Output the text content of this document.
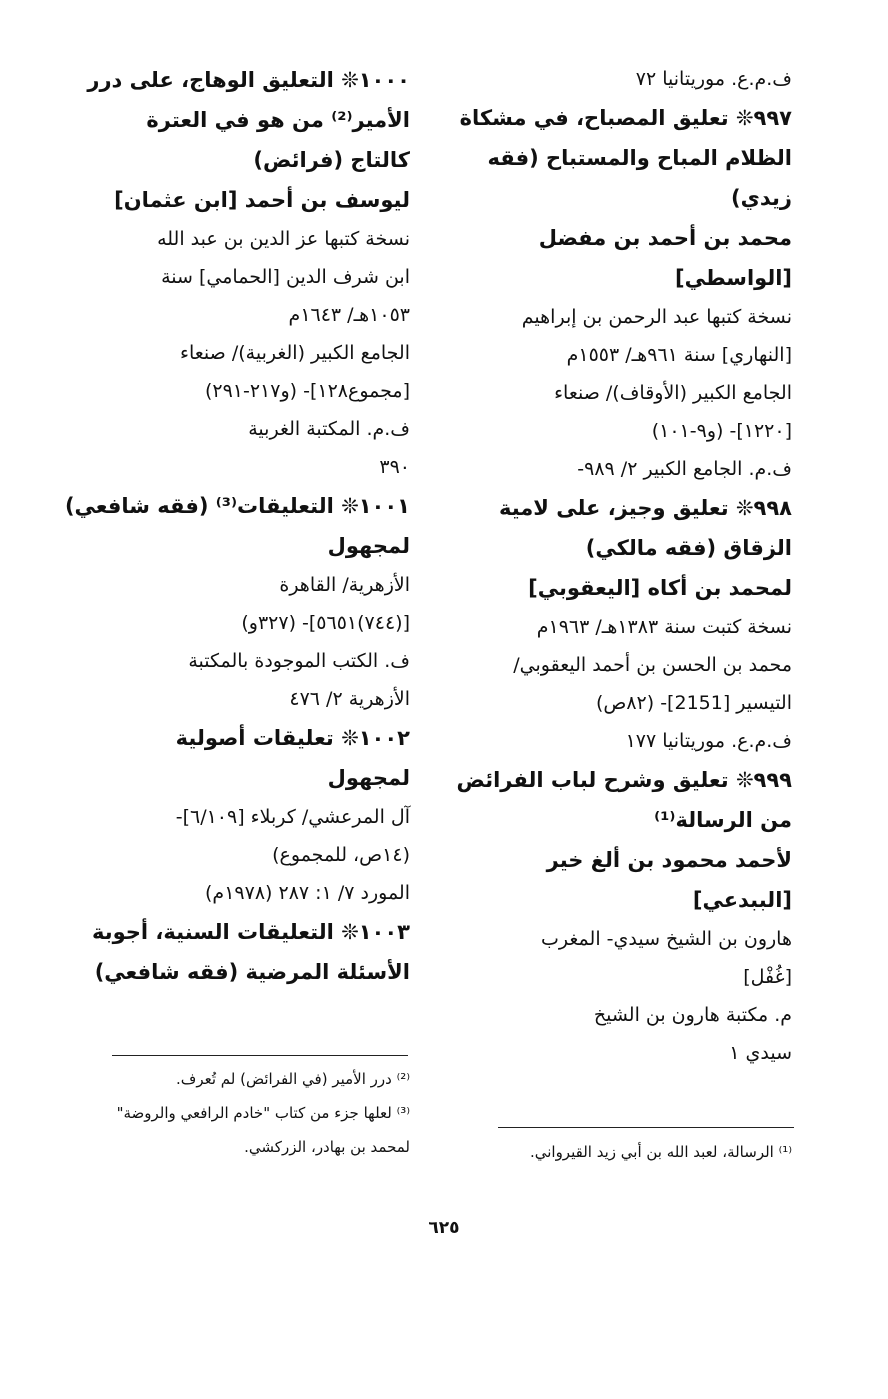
ف.م.ع. موريتانيا ٧٢
٩٩٧❊ تعليق المصباح، في مشكاة
الظلام المباح والمستباح (فقه
زيدي)
محمد بن أحمد بن مفضل
[الواسطي]
نسخة كتبها عبد الرحمن بن إبراهيم
[النهاري] سنة ٩٦١هـ/ ١٥٥٣م
الجامع الكبير (الأوقاف)/ صنعاء
[١٢٢٠]- (و٩-١٠١)
ف.م. الجامع الكبير ٢/ ٩٨٩-
٩٩٨❊ تعليق وجيز، على لامية
الزقاق (فقه مالكي)
لمحمد بن أكاه [اليعقوبي]
نسخة كتبت سنة ١٣٨٣هـ/ ١٩٦٣م
محمد بن الحسن بن أحمد اليعقوبي/
التيسير [2151]- (٨٢ص)
ف.م.ع. موريتانيا ١٧٧
٩٩٩❊ تعليق وشرح لباب الفرائض
من الرسالة⁽¹⁾
لأحمد محمود بن ألغ خير
[الببدعي]
هارون بن الشيخ سيدي- المغرب
[غُفْل]
م. مكتبة هارون بن الشيخ
سيدي ١
١٠٠٠❊ التعليق الوهاج، على درر
الأمير⁽²⁾ من هو في العترة
كالتاج (فرائض)
ليوسف بن أحمد [ابن عثمان]
نسخة كتبها عز الدين بن عبد الله
ابن شرف الدين [الحمامي] سنة
١٠٥٣هـ/ ١٦٤٣م
الجامع الكبير (الغربية)/ صنعاء
[مجموع١٢٨]- (و٢١٧-٢٩١)
ف.م. المكتبة الغربية
٣٩٠
١٠٠١❊ التعليقات⁽³⁾ (فقه شافعي)
لمجهول
الأزهرية/ القاهرة
[(٧٤٤)٥٦٥١]- (٣٢٧و)
ف. الكتب الموجودة بالمكتبة
الأزهرية ٢/ ٤٧٦
١٠٠٢❊ تعليقات أصولية
لمجهول
آل المرعشي/ كربلاء [٦/١٠٩]-
(١٤ص، للمجموع)
المورد ٧/ ١: ٢٨٧ (١٩٧٨م)
١٠٠٣❊ التعليقات السنية، أجوبة
الأسئلة المرضية (فقه شافعي)
⁽²⁾ درر الأمير (في الفرائض) لم تُعرف.
⁽³⁾ لعلها جزء من كتاب "خادم الرافعي والروضة"
لمحمد بن بهادر، الزركشي.	⁽¹⁾ الرسالة، لعبد الله بن أبي زيد القيرواني.
٦٢٥
